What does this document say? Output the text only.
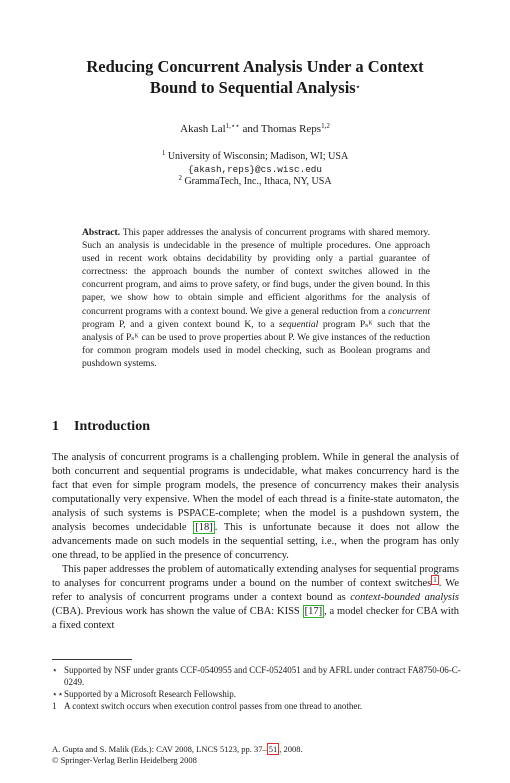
Reducing Concurrent Analysis Under a Context
Bound to Sequential Analysis⋆
Akash Lal$^{1,⋆⋆}$ and Thomas Reps$^{1,2}$
$^1$ University of Wisconsin; Madison, WI; USA
{akash,reps}@cs.wisc.edu
$^2$ GrammaTech, Inc., Ithaca, NY, USA
Abstract. This paper addresses the analysis of concurrent programs with shared memory. Such an analysis is undecidable in the presence of multiple procedures. One approach used in recent work obtains decidability by providing only a partial guarantee of correctness: the approach bounds the number of context switches allowed in the concurrent program, and aims to prove safety, or find bugs, under the given bound. In this paper, we show how to obtain simple and efficient algorithms for the analysis of concurrent programs with a context bound. We give a general reduction from a concurrent program P, and a given context bound K, to a sequential program Pₛᴷ such that the analysis of Pₛᴷ can be used to prove properties about P. We give instances of the reduction for common program models used in model checking, such as Boolean programs and pushdown systems.
1 Introduction

The analysis of concurrent programs is a challenging problem. While in general the analysis of both concurrent and sequential programs is undecidable, what makes concurrency hard is the fact that even for simple program models, the presence of concurrency makes their analysis computationally very expensive. When the model of each thread is a finite-state automaton, the analysis of such systems is PSPACE-complete; when the model is a pushdown system, the analysis becomes undecidable [18] . This is unfortunate because it does not allow the advancements made on such models in the sequential setting, i.e., when the program has only one thread, to be applied in the presence of concurrency.

This paper addresses the problem of automatically extending analyses for sequential programs to analyses for concurrent programs under a bound on the number of context switches $^1$ . We refer to analysis of concurrent programs under a context bound as context-bounded analysis (CBA). Previous work has shown the value of CBA: KISS [17] , a model checker for CBA with a fixed context

⋆ Supported by NSF under grants CCF-0540955 and CCF-0524051 and by AFRL under contract FA8750-06-C-0249.
⋆⋆ Supported by a Microsoft Research Fellowship.
1 A context switch occurs when execution control passes from one thread to another.
A. Gupta and S. Malik (Eds.): CAV 2008, LNCS 5123, pp. 37– 51 , 2008.
© Springer-Verlag Berlin Heidelberg 2008
